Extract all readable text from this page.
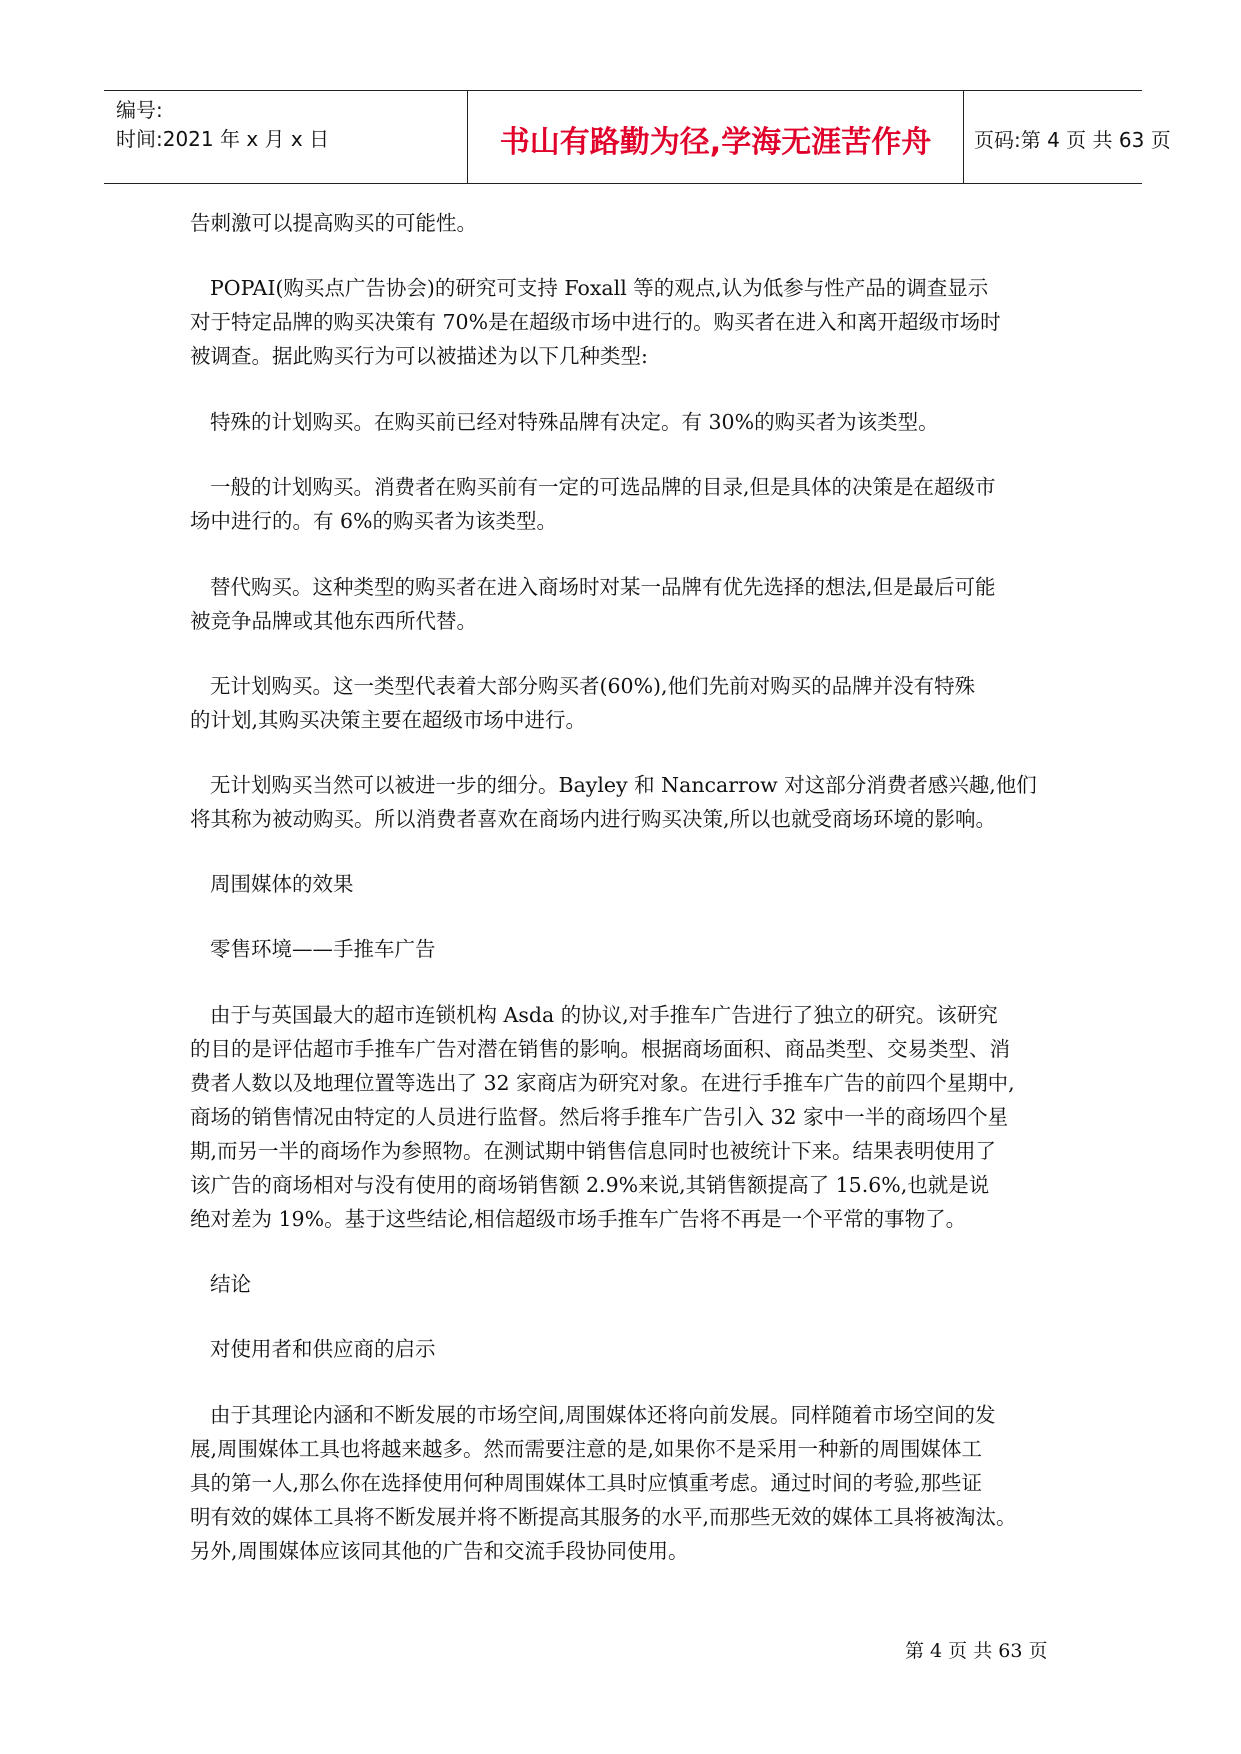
编号:
时间:2021 年 x 月 x 日	书山有路勤为径,学海无涯苦作舟	页码:第 4 页 共 63 页
告刺激可以提高购买的可能性。
POPAI(购买点广告协会)的研究可支持 Foxall 等的观点,认为低参与性产品的调查显示
对于特定品牌的购买决策有 70%是在超级市场中进行的。购买者在进入和离开超级市场时
被调查。据此购买行为可以被描述为以下几种类型:
特殊的计划购买。在购买前已经对特殊品牌有决定。有 30%的购买者为该类型。
一般的计划购买。消费者在购买前有一定的可选品牌的目录,但是具体的决策是在超级市
场中进行的。有 6%的购买者为该类型。
替代购买。这种类型的购买者在进入商场时对某一品牌有优先选择的想法,但是最后可能
被竞争品牌或其他东西所代替。
无计划购买。这一类型代表着大部分购买者(60%),他们先前对购买的品牌并没有特殊
的计划,其购买决策主要在超级市场中进行。
无计划购买当然可以被进一步的细分。Bayley 和 Nancarrow 对这部分消费者感兴趣,他们
将其称为被动购买。所以消费者喜欢在商场内进行购买决策,所以也就受商场环境的影响。
周围媒体的效果
零售环境——手推车广告
由于与英国最大的超市连锁机构 Asda 的协议,对手推车广告进行了独立的研究。该研究
的目的是评估超市手推车广告对潜在销售的影响。根据商场面积、商品类型、交易类型、消
费者人数以及地理位置等选出了 32 家商店为研究对象。在进行手推车广告的前四个星期中,
商场的销售情况由特定的人员进行监督。然后将手推车广告引入 32 家中一半的商场四个星
期,而另一半的商场作为参照物。在测试期中销售信息同时也被统计下来。结果表明使用了
该广告的商场相对与没有使用的商场销售额 2.9%来说,其销售额提高了 15.6%,也就是说
绝对差为 19%。基于这些结论,相信超级市场手推车广告将不再是一个平常的事物了。
结论
对使用者和供应商的启示
由于其理论内涵和不断发展的市场空间,周围媒体还将向前发展。同样随着市场空间的发
展,周围媒体工具也将越来越多。然而需要注意的是,如果你不是采用一种新的周围媒体工
具的第一人,那么你在选择使用何种周围媒体工具时应慎重考虑。通过时间的考验,那些证
明有效的媒体工具将不断发展并将不断提高其服务的水平,而那些无效的媒体工具将被淘汰。
另外,周围媒体应该同其他的广告和交流手段协同使用。
第 4 页 共 63 页
